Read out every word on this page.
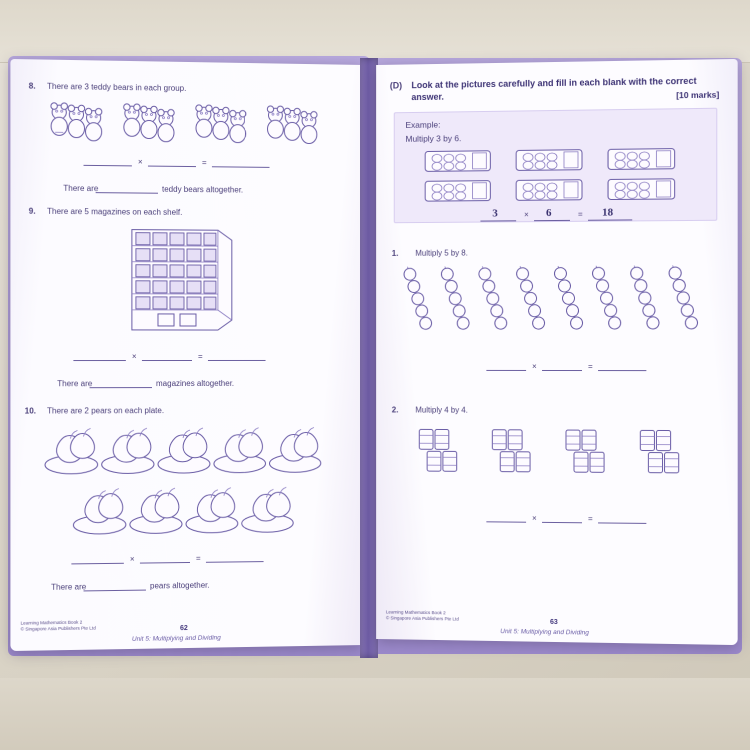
8. There are 3 teddy bears in each group.
×	=
There are	teddy bears altogether.
9. There are 5 magazines on each shelf.
×	=
There are	magazines altogether.
10. There are 2 pears on each plate.
×	=
There are	pears altogether.
Learning Mathematics Book 2
© Singapore Asia Publishers Pte Ltd	62
Unit 5: Multiplying and Dividing
(D) Look at the pictures carefully and fill in each blank with the correct answer.	[10 marks]
Example:
Multiply 3 by 6.
3	× 6	= 18
1. Multiply 5 by 8.
×	=
2. Multiply 4 by 4.
×	=
Learning Mathematics Book 2
© Singapore Asia Publishers Pte Ltd
63
Unit 5: Multiplying and Dividing
